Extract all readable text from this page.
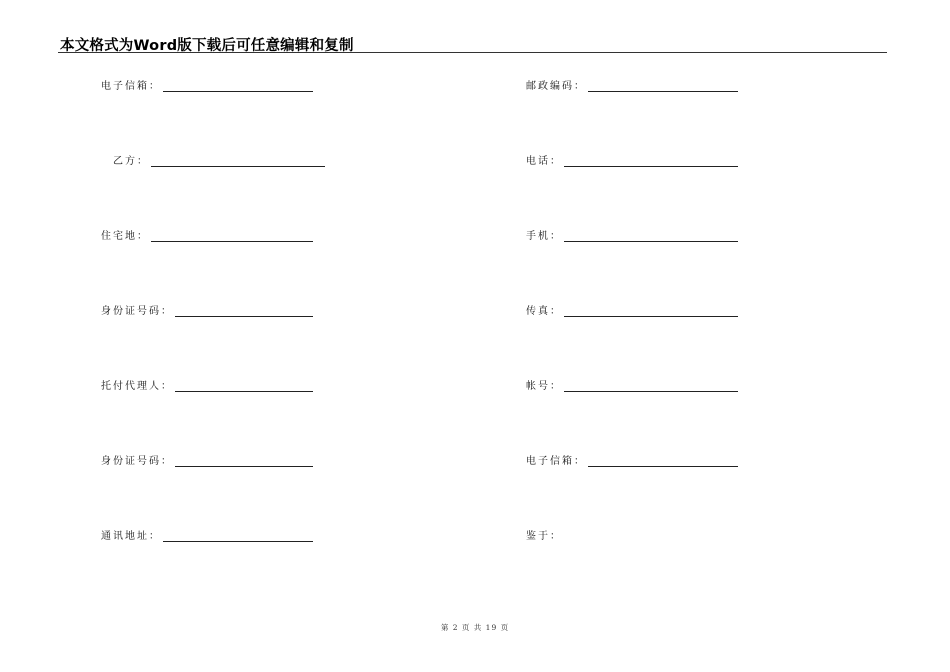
本文格式为Word版下载后可任意编辑和复制
电子信箱：
乙方：
住宅地：
身份证号码：
托付代理人：
身份证号码：
通讯地址：
邮政编码：
电话：
手机：
传真：
帐号：
电子信箱：
鉴于：
第 2 页 共 19 页
